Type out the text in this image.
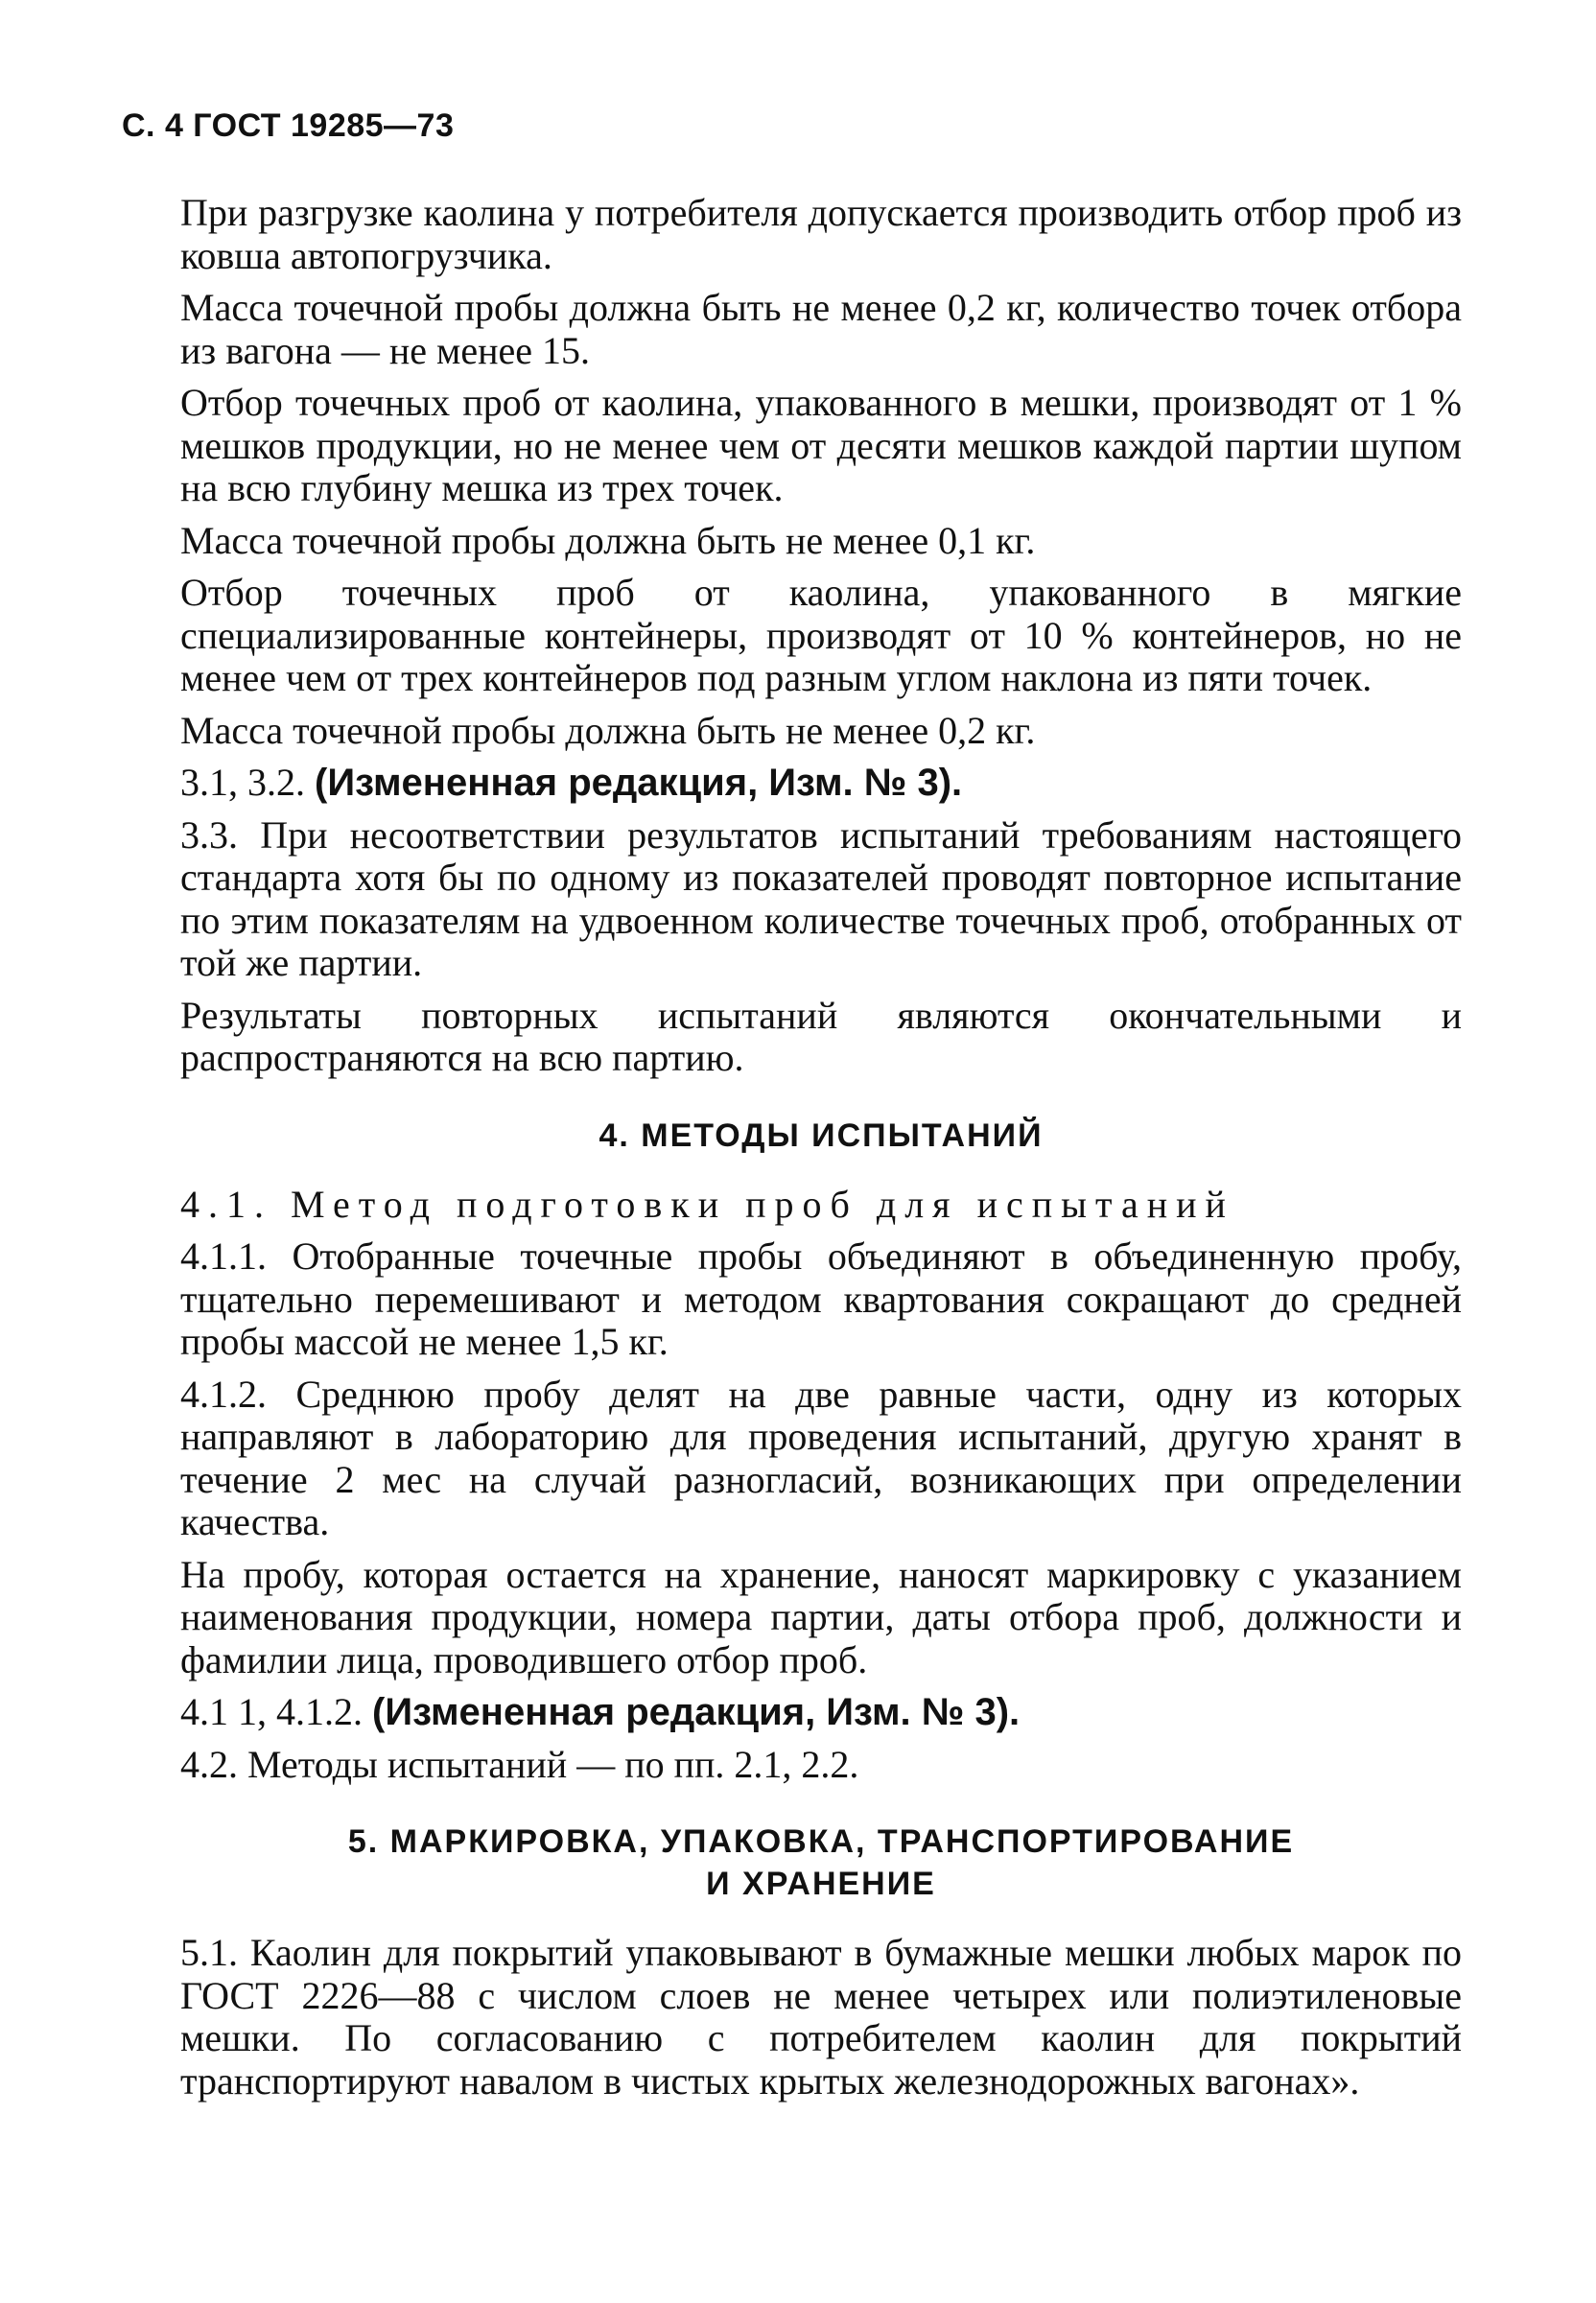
С. 4 ГОСТ 19285—73

При разгрузке каолина у потребителя допускается производить отбор проб из ковша автопогрузчика.

Масса точечной пробы должна быть не менее 0,2 кг, количество точек отбора из вагона — не менее 15.

Отбор точечных проб от каолина, упакованного в мешки, производят от 1 % мешков продукции, но не менее чем от десяти мешков каждой партии шупом на всю глубину мешка из трех точек.

Масса точечной пробы должна быть не менее 0,1 кг.

Отбор точечных проб от каолина, упакованного в мягкие специализированные контейнеры, производят от 10 % контейнеров, но не менее чем от трех контейнеров под разным углом наклона из пяти точек.

Масса точечной пробы должна быть не менее 0,2 кг.

3.1, 3.2. (Измененная редакция, Изм. № 3).

3.3. При несоответствии результатов испытаний требованиям настоящего стандарта хотя бы по одному из показателей проводят повторное испытание по этим показателям на удвоенном количестве точечных проб, отобранных от той же партии.

Результаты повторных испытаний являются окончательными и распространяются на всю партию.

4. МЕТОДЫ ИСПЫТАНИЙ

4.1. Метод подготовки проб для испытаний

4.1.1. Отобранные точечные пробы объединяют в объединенную пробу, тщательно перемешивают и методом квартования сокращают до средней пробы массой не менее 1,5 кг.

4.1.2. Среднюю пробу делят на две равные части, одну из которых направляют в лабораторию для проведения испытаний, другую хранят в течение 2 мес на случай разногласий, возникающих при определении качества.

На пробу, которая остается на хранение, наносят маркировку с указанием наименования продукции, номера партии, даты отбора проб, должности и фамилии лица, проводившего отбор проб.

4.1 1, 4.1.2. (Измененная редакция, Изм. № 3).

4.2. Методы испытаний — по пп. 2.1, 2.2.

5. МАРКИРОВКА, УПАКОВКА, ТРАНСПОРТИРОВАНИЕ
И ХРАНЕНИЕ

5.1. Каолин для покрытий упаковывают в бумажные мешки любых марок по ГОСТ 2226—88 с числом слоев не менее четырех или полиэтиленовые мешки. По согласованию с потребителем каолин для покрытий транспортируют навалом в чистых крытых железнодорожных вагонах».
